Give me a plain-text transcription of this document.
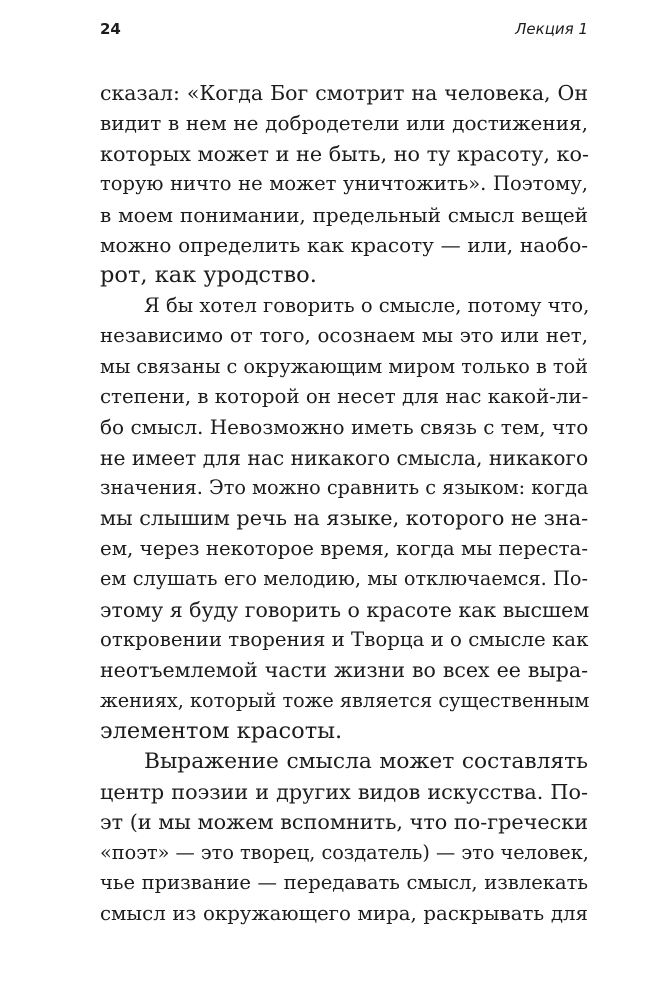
24	Лекция 1
сказал: «Когда Бог смотрит на человека, Он
видит в нем не добродетели или достижения,
которых может и не быть, но ту красоту, ко-
торую ничто не может уничтожить». Поэтому,
в моем понимании, предельный смысл вещей
можно определить как красоту — или, наобо-
рот, как уродство.
Я бы хотел говорить о смысле, потому что,
независимо от того, осознаем мы это или нет,
мы связаны с окружающим миром только в той
степени, в которой он несет для нас какой-ли-
бо смысл. Невозможно иметь связь с тем, что
не имеет для нас никакого смысла, никакого
значения. Это можно сравнить с языком: когда
мы слышим речь на языке, которого не зна-
ем, через некоторое время, когда мы переста-
ем слушать его мелодию, мы отключаемся. По-
этому я буду говорить о красоте как высшем
откровении творения и Творца и о смысле как
неотъемлемой части жизни во всех ее выра-
жениях, который тоже является существенным
элементом красоты.
Выражение смысла может составлять
центр поэзии и других видов искусства. По-
эт (и мы можем вспомнить, что по-гречески
«поэт» — это творец, создатель) — это человек,
чье призвание — передавать смысл, извлекать
смысл из окружающего мира, раскрывать для
